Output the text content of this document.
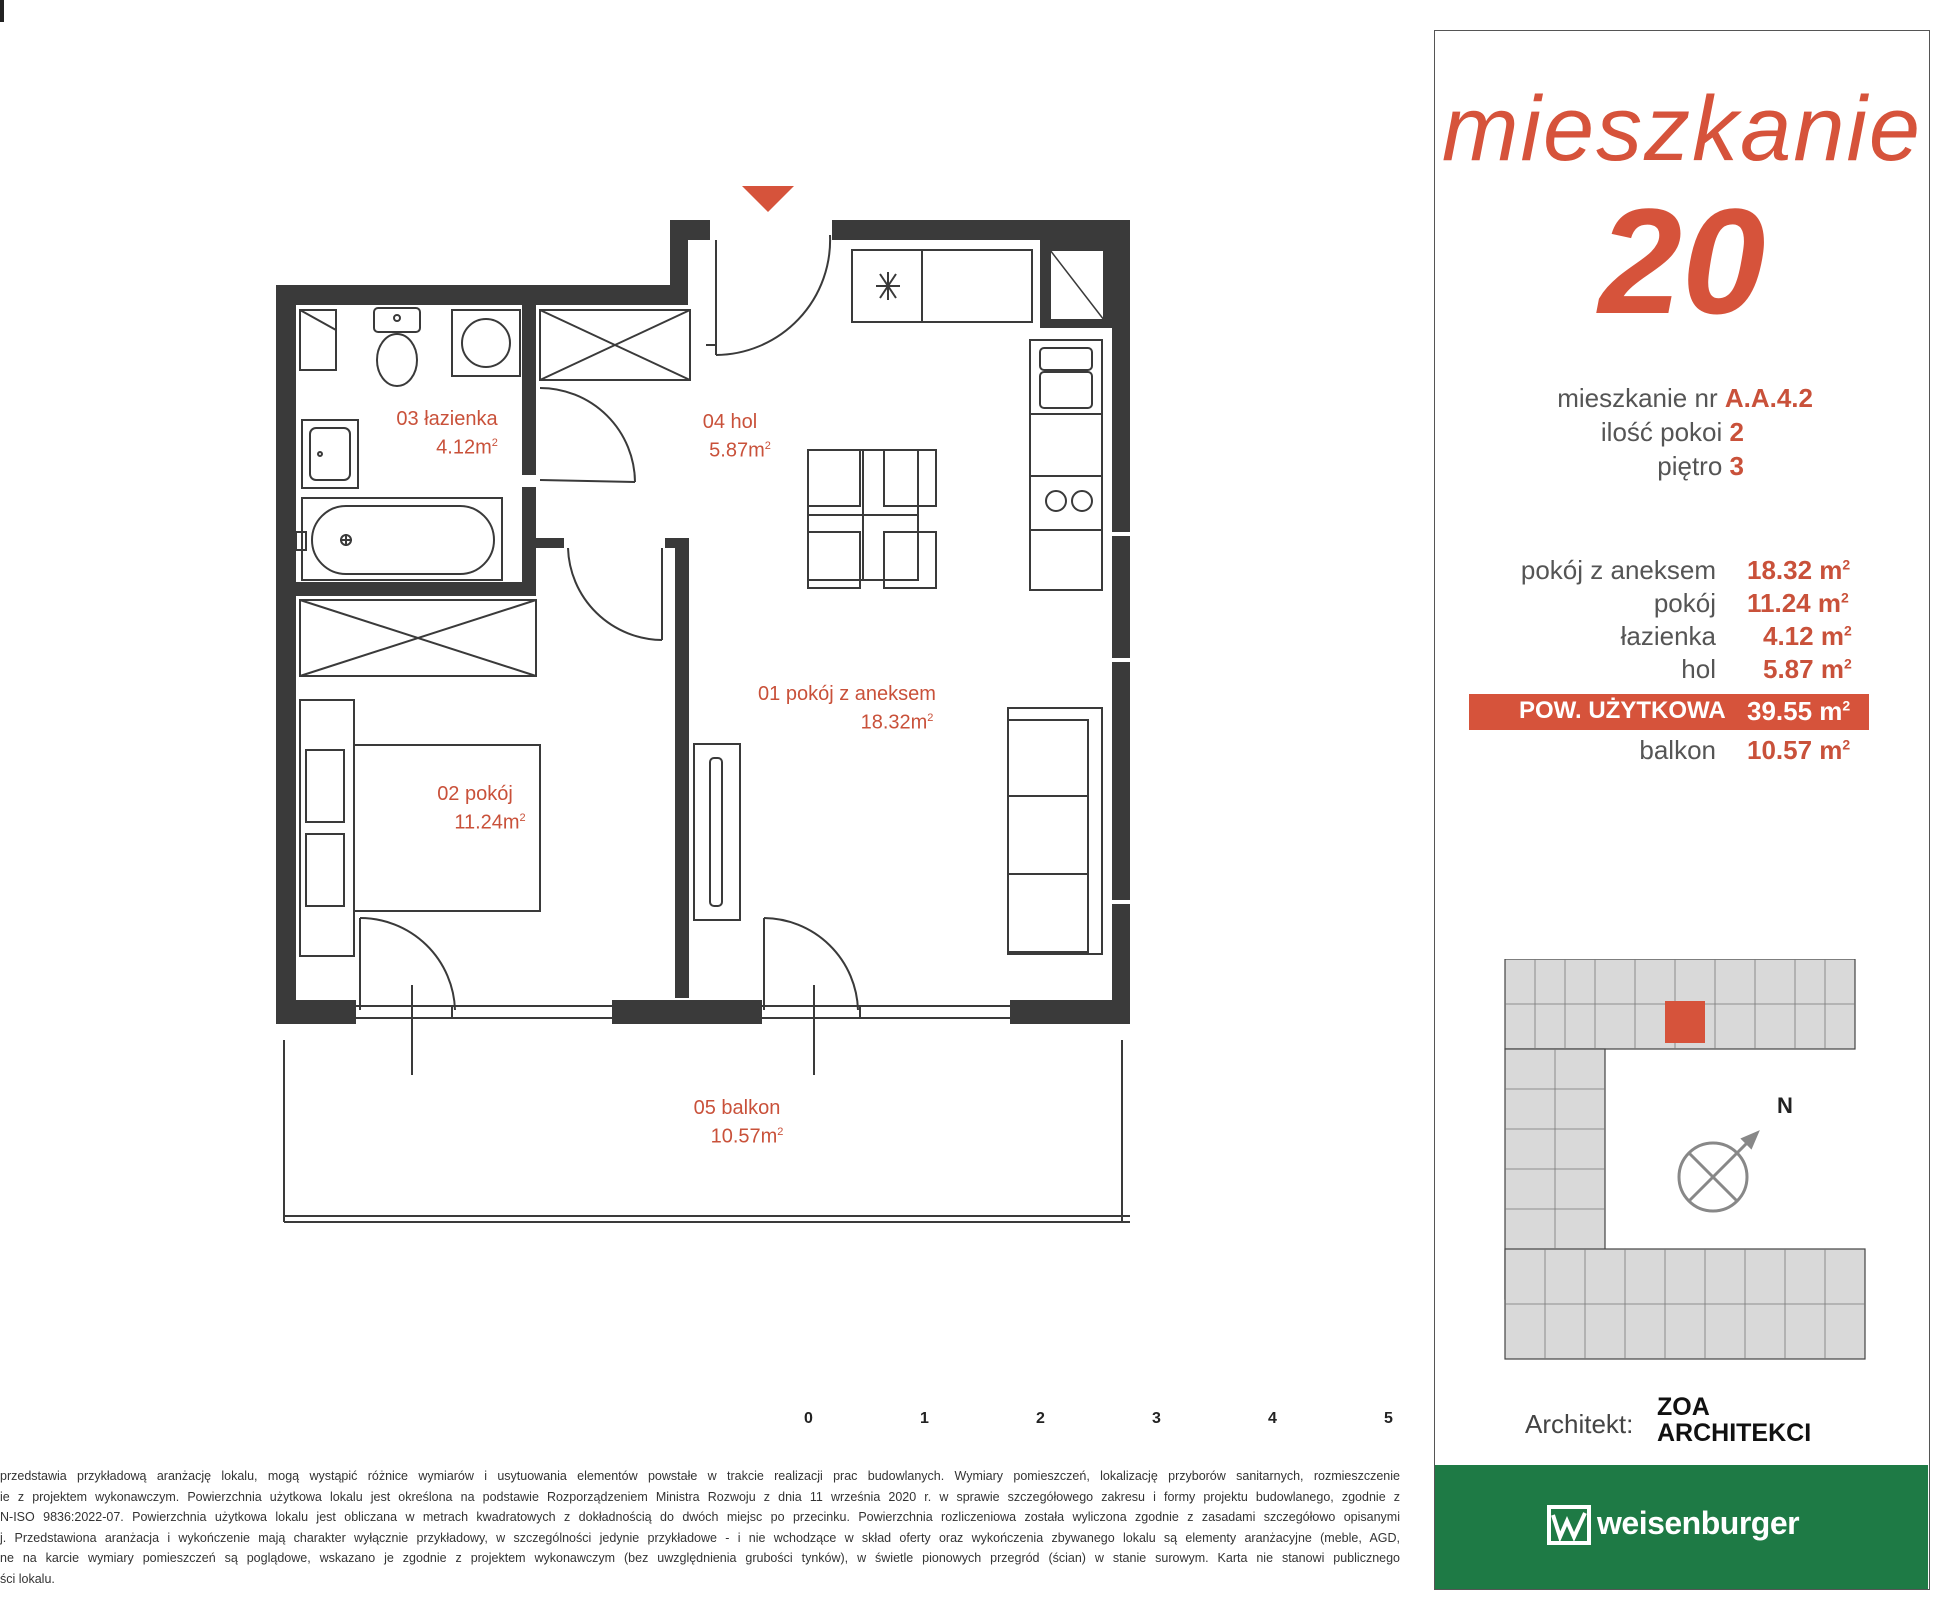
03 łazienka
$4.12m^2$
04 hol
$5.87m^2$
01 pokój z aneksem
$18.32m^2$
02 pokój
$11.24m^2$
05 balkon
$10.57m^2$
0	1	2	3	4	5
przedstawia przykładową aranżację lokalu, mogą wystąpić różnice wymiarów i usytuowania elementów powstałe w trakcie realizacji prac budowlanych. Wymiary pomieszczeń, lokalizację przyborów sanitarnych, rozmieszczenie
ie z projektem wykonawczym. Powierzchnia użytkowa lokalu jest określona na podstawie Rozporządzeniem Ministra Rozwoju z dnia 11 września 2020 r. w sprawie szczegółowego zakresu i formy projektu budowlanego, zgodnie z
N-ISO 9836:2022-07. Powierzchnia użytkowa lokalu jest obliczana w metrach kwadratowych z dokładnością do dwóch miejsc po przecinku. Powierzchnia rozliczeniowa została wyliczona zgodnie z zasadami szczegółowo opisanymi
j. Przedstawiona aranżacja i wykończenie mają charakter wyłącznie przykładowy, w szczególności jedynie przykładowe - i nie wchodzące w skład oferty oraz wykończenia zbywanego lokalu są elementy aranżacyjne (meble, AGD,
ne na karcie wymiary pomieszczeń są poglądowe, wskazano je zgodnie z projektem wykonawczym (bez uwzględnienia grubości tynków), w świetle pionowych przegród (ścian) w stanie surowym. Karta nie stanowi publicznego
ści lokalu.
mieszkanie
20
mieszkanie nr A.A.4.2
ilość pokoi 2
piętro 3
pokój z aneksem 18.32 $m^2$
pokój 11.24 $m^2$
łazienka 4.12 $m^2$
hol 5.87 $m^2$
POW. UŻYTKOWA 39.55 $m^2$
balkon 10.57 $m^2$
N
Architekt:
ZOA
ARCHITEKCI
weisenburger
